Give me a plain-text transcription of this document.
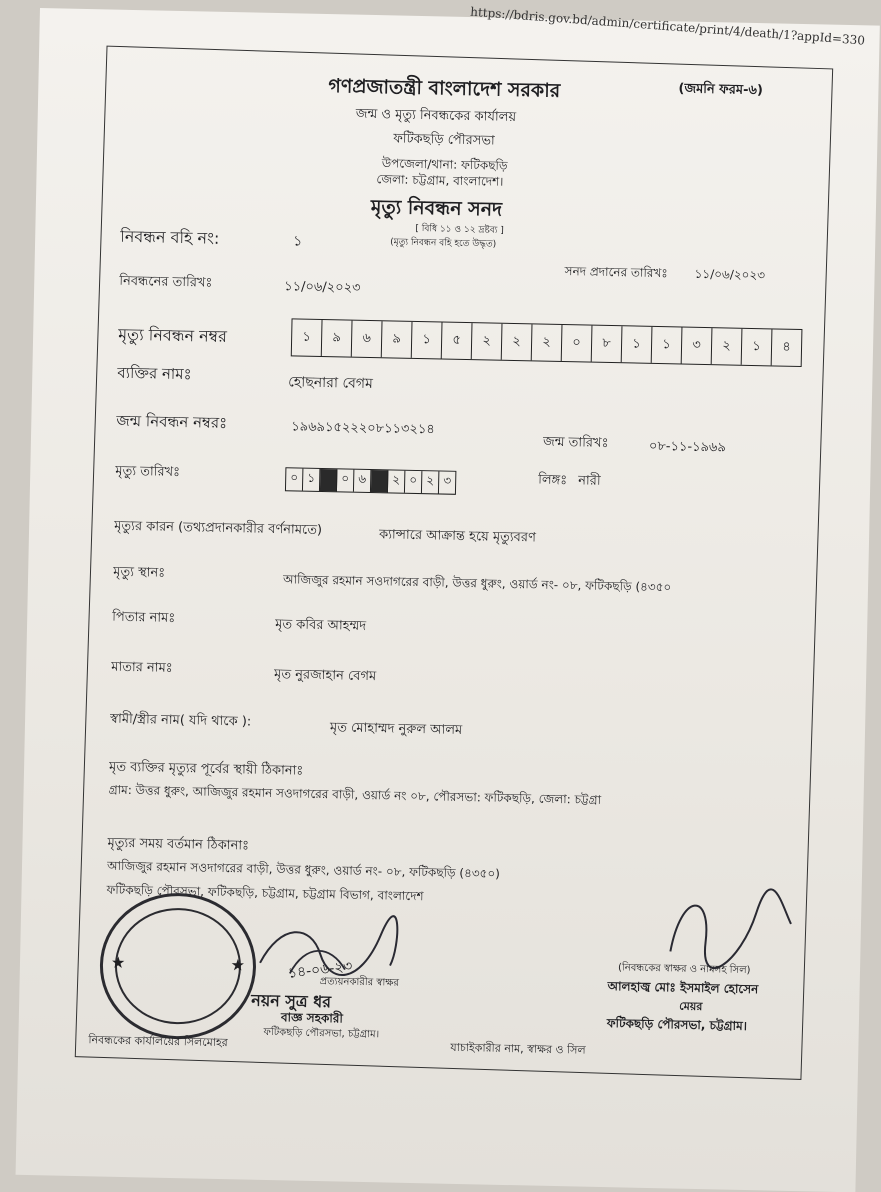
https://bdris.gov.bd/admin/certificate/print/4/death/1?appId=330
গণপ্রজাতন্ত্রী বাংলাদেশ সরকার	(জমনি ফরম-৬)
জন্ম ও মৃত্যু নিবন্ধকের কার্যালয়
ফটিকছড়ি পৌরসভা
উপজেলা/থানা: ফটিকছড়ি
জেলা: চট্টগ্রাম, বাংলাদেশ।
মৃত্যু নিবন্ধন সনদ
[ বিধি ১১ ও ১২ দ্রষ্টব্য ]
(মৃত্যু নিবন্ধন বহি হতে উদ্ধৃত)
নিবন্ধন বহি নং:	১
সনদ প্রদানের তারিখঃ ১১/০৬/২০২৩
নিবন্ধনের তারিখঃ	১১/০৬/২০২৩
মৃত্যু নিবন্ধন নম্বর	১	৯	৬	৯	১	৫	২	২	২	০	৮	১	১	৩	২	১	৪
ব্যক্তির নামঃ	হোছনারা বেগম
জন্ম নিবন্ধন নম্বরঃ	১৯৬৯১৫২২২০৮১১৩২১৪
জন্ম তারিখঃ	০৮-১১-১৯৬৯
মৃত্যু তারিখঃ	০ ১	০ ৬	২ ০ ২ ৩	লিঙ্গঃ নারী
মৃত্যুর কারন (তথ্যপ্রদানকারীর বর্ণনামতে)	ক্যান্সারে আক্রান্ত হয়ে মৃত্যুবরণ
মৃত্যু স্থানঃ	আজিজুর রহমান সওদাগরের বাড়ী, উত্তর ধুরুং, ওয়ার্ড নং- ০৮, ফটিকছড়ি (৪৩৫০
পিতার নামঃ	মৃত কবির আহম্মদ
মাতার নামঃ	মৃত নুরজাহান বেগম
স্বামী/স্ত্রীর নাম( যদি থাকে ):	মৃত মোহাম্মদ নুরুল আলম
মৃত ব্যক্তির মৃত্যুর পূর্বের স্থায়ী ঠিকানাঃ
গ্রাম: উত্তর ধুরুং, আজিজুর রহমান সওদাগরের বাড়ী, ওয়ার্ড নং ০৮, পৌরসভা: ফটিকছড়ি, জেলা: চট্টগ্রা
মৃত্যুর সময় বর্তমান ঠিকানাঃ
আজিজুর রহমান সওদাগরের বাড়ী, উত্তর ধুরুং, ওয়ার্ড নং- ০৮, ফটিকছড়ি (৪৩৫০)
ফটিকছড়ি পৌরসভা, ফটিকছড়ি, চট্টগ্রাম, চট্টগ্রাম বিভাগ, বাংলাদেশ
★	★	১৪-০৬-২৩
প্রত্যয়নকারীর স্বাক্ষর
নয়ন সুত্র ধর
বাজ্ঞ সহকারী
ফটিকছড়ি পৌরসভা, চট্টগ্রাম।
(নিবন্ধকের স্বাক্ষর ও নামসহ সিল)
আলহাজ্ব মোঃ ইসমাইল হোসেন
মেয়র
ফটিকছড়ি পৌরসভা, চট্টগ্রাম।
নিবন্ধকের কার্যালয়ের সিলমোহর	যাচাইকারীর নাম, স্বাক্ষর ও সিল
